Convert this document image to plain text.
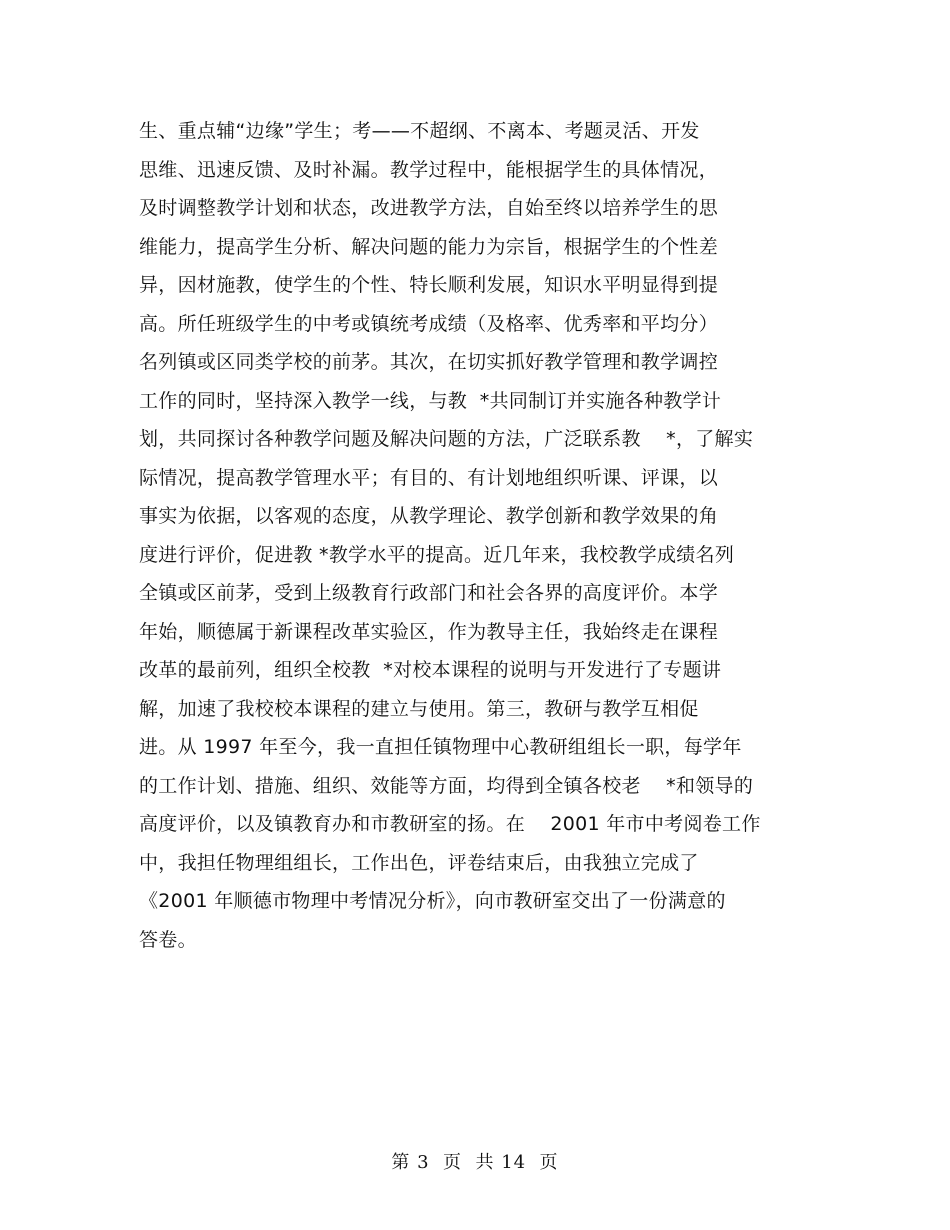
生、重点辅“边缘”学生；考——不超纲、不离本、考题灵活、开发
思维、迅速反馈、及时补漏。教学过程中，能根据学生的具体情况，
及时调整教学计划和状态，改进教学方法，自始至终以培养学生的思
维能力，提高学生分析、解决问题的能力为宗旨，根据学生的个性差
异，因材施教，使学生的个性、特长顺利发展，知识水平明显得到提
高。所任班级学生的中考或镇统考成绩（及格率、优秀率和平均分）
名列镇或区同类学校的前茅。其次，在切实抓好教学管理和教学调控
工作的同时，坚持深入教学一线，与教  *共同制订并实施各种教学计
划，共同探讨各种教学问题及解决问题的方法，广泛联系教    *，了解实
际情况，提高教学管理水平；有目的、有计划地组织听课、评课，以
事实为依据，以客观的态度，从教学理论、教学创新和教学效果的角
度进行评价，促进教 *教学水平的提高。近几年来，我校教学成绩名列
全镇或区前茅，受到上级教育行政部门和社会各界的高度评价。本学
年始，顺德属于新课程改革实验区，作为教导主任，我始终走在课程
改革的最前列，组织全校教  *对校本课程的说明与开发进行了专题讲
解，加速了我校校本课程的建立与使用。第三，教研与教学互相促
进。从 1997 年至今，我一直担任镇物理中心教研组组长一职，每学年
的工作计划、措施、组织、效能等方面，均得到全镇各校老    *和领导的
高度评价，以及镇教育办和市教研室的扬。在    2001 年市中考阅卷工作
中，我担任物理组组长，工作出色，评卷结束后，由我独立完成了
《2001 年顺德市物理中考情况分析》，向市教研室交出了一份满意的
答卷。
第 3  页  共 14  页
